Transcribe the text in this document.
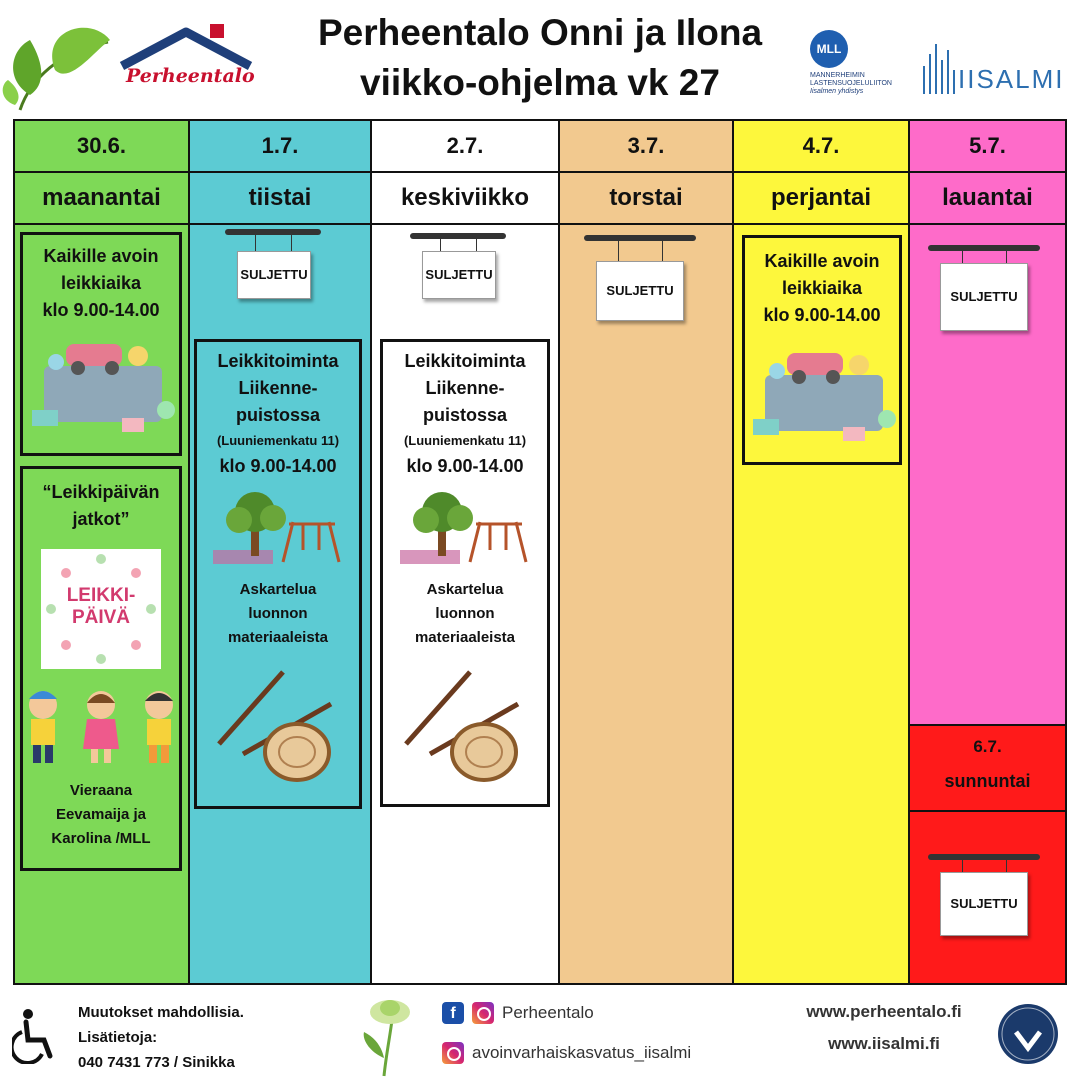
Perheentalo
Perheentalo Onni ja Ilona
viikko-ohjelma vk 27
MLL
MANNERHEIMIN
LASTENSUOJELULIITON
Iisalmen yhdistys	IISALMI
30.6.
maanantai
Kaikille avoin
leikkiaika
klo 9.00-14.00
“Leikkipäivän
jatkot”
LEIKKI-
PÄIVÄ
Vieraana
Eevamaija ja
Karolina /MLL
1.7.
tiistai
SULJETTU
Leikkitoiminta
Liikenne-
puistossa
(Luuniemenkatu 11)
klo 9.00-14.00
Askartelua
luonnon
materiaaleista
2.7.
keskiviikko
SULJETTU
Leikkitoiminta
Liikenne-
puistossa
(Luuniemenkatu 11)
klo 9.00-14.00
Askartelua
luonnon
materiaaleista
3.7.
torstai
SULJETTU
4.7.
perjantai
Kaikille avoin
leikkiaika
klo 9.00-14.00
5.7.
lauantai
SULJETTU
6.7.
sunnuntai
SULJETTU
Muutokset mahdollisia.
Lisätietoja:
040 7431 773 / Sinikka
f	Perheentalo
avoinvarhaiskasvatus_iisalmi
www.perheentalo.fi
www.iisalmi.fi
